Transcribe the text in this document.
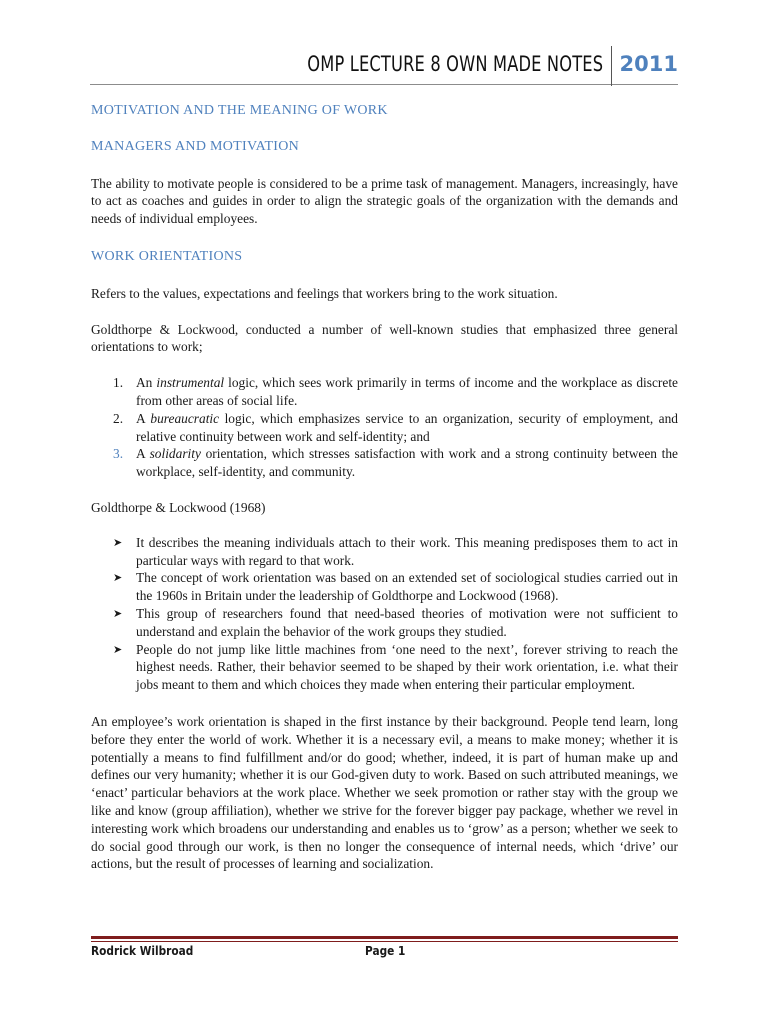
OMP LECTURE 8 OWN MADE NOTES 2011
MOTIVATION AND THE MEANING OF WORK
MANAGERS AND MOTIVATION

The ability to motivate people is considered to be a prime task of management. Managers, increasingly, have to act as coaches and guides in order to align the strategic goals of the organization with the demands and needs of individual employees.

WORK ORIENTATIONS

Refers to the values, expectations and feelings that workers bring to the work situation.

Goldthorpe & Lockwood, conducted a number of well-known studies that emphasized three general orientations to work;

1. An instrumental logic, which sees work primarily in terms of income and the workplace as discrete from other areas of social life.
2. A bureaucratic logic, which emphasizes service to an organization, security of employment, and relative continuity between work and self-identity; and
3. A solidarity orientation, which stresses satisfaction with work and a strong continuity between the workplace, self-identity, and community.

Goldthorpe & Lockwood (1968)

➤ It describes the meaning individuals attach to their work. This meaning predisposes them to act in particular ways with regard to that work.
➤ The concept of work orientation was based on an extended set of sociological studies carried out in the 1960s in Britain under the leadership of Goldthorpe and Lockwood (1968).
➤ This group of researchers found that need-based theories of motivation were not sufficient to understand and explain the behavior of the work groups they studied.
➤ People do not jump like little machines from ‘one need to the next’, forever striving to reach the highest needs. Rather, their behavior seemed to be shaped by their work orientation, i.e. what their jobs meant to them and which choices they made when entering their particular employment.

An employee’s work orientation is shaped in the first instance by their background. People tend learn, long before they enter the world of work. Whether it is a necessary evil, a means to make money; whether it is potentially a means to find fulfillment and/or do good; whether, indeed, it is part of human make up and defines our very humanity; whether it is our God-given duty to work. Based on such attributed meanings, we ‘enact’ particular behaviors at the work place. Whether we seek promotion or rather stay with the group we like and know (group affiliation), whether we strive for the forever bigger pay package, whether we revel in interesting work which broadens our understanding and enables us to ‘grow’ as a person; whether we seek to do social good through our work, is then no longer the consequence of internal needs, which ‘drive’ our actions, but the result of processes of learning and socialization.

Rodrick Wilbroad	Page 1
